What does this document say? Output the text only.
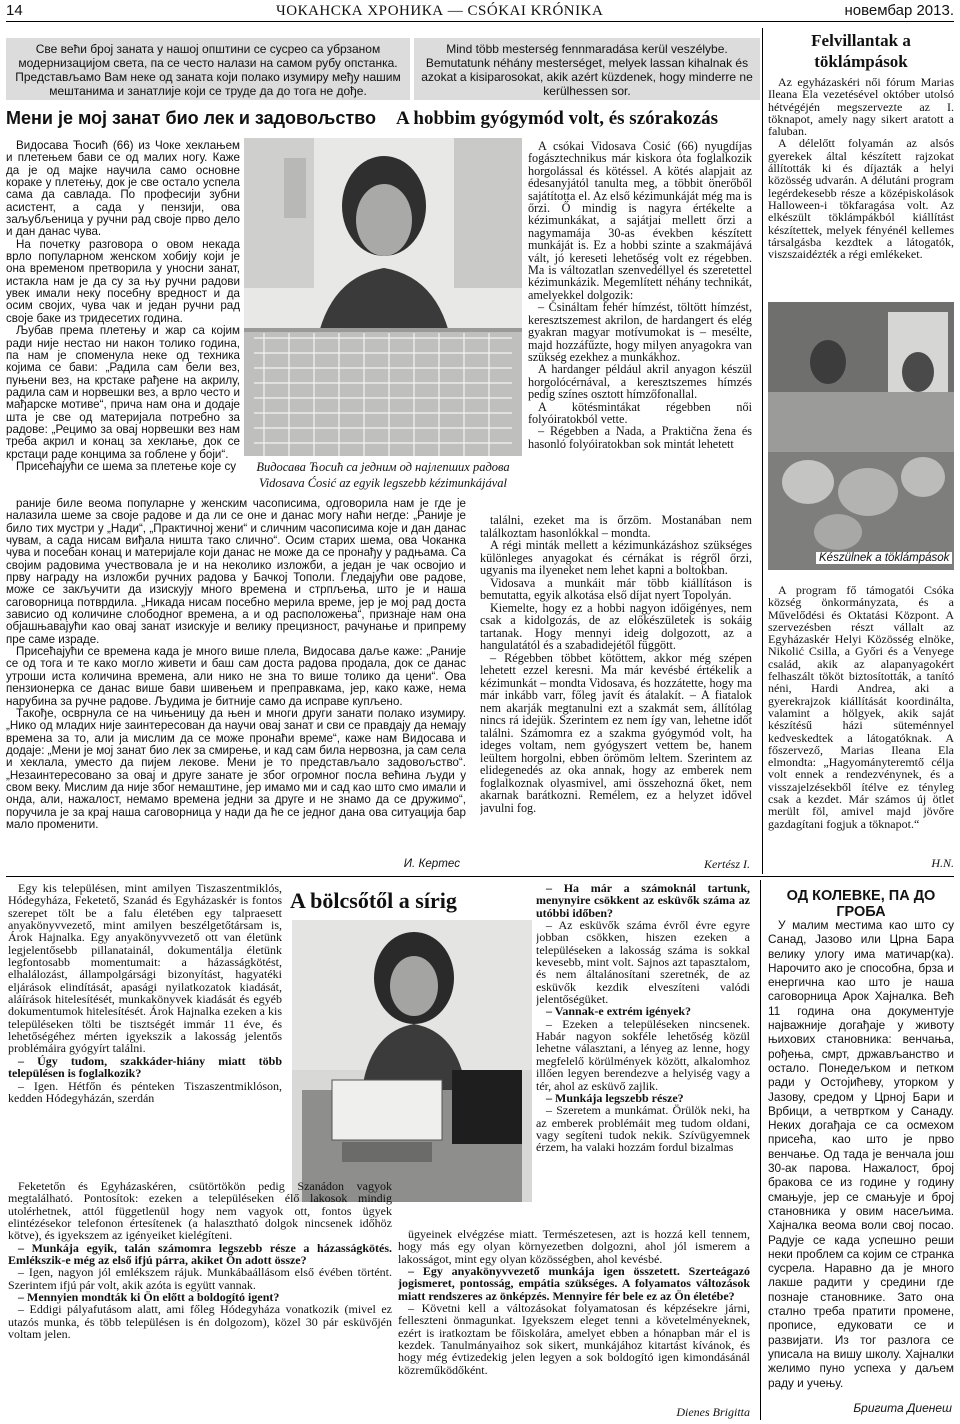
14	ЧОКАНСКА ХРОНИКА — CSÓKAI KRÓNIKA	новембар 2013.
Све већи број заната у нашој општини се сусрео са убрзаном модернизацијом света, па се често налази на самом рубу опстанка. Представљамо Вам неке од заната који полако изумиру међу нашим мештанима и занатлије који се труде да до тога не дође.
Mind több mesterség fennmaradása kerül veszélybe. Bemutatunk néhány mesterséget, melyek lassan kihalnak és azokat a kisiparosokat, akik azért küzdenek, hogy minderre ne kerülhessen sor.
Мени је мој занат био лек и задовољство A hobbim gyógymód volt, és szórakozás

Видосава Ћосић (66) из Чоке хеклањем и плетењем бави се од малих ногу. Каже да је од мајке научила само основне кораке у плетењу, док је све остало успела сама да савлада. По професији зубни асистент, а сада у пензији, ова заљубљеница у ручни рад своје прво дело и дан данас чува.

На почетку разговора о овом некада врло популарном женском хобију који је она временом претворила у уносни занат, истакла нам је да су за њу ручни радови увек имали неку посебну вредност и да осим својих, чува чак и један ручни рад своје баке из тридесетих година.

Љубав према плетењу и жар са којим ради није нестао ни након толико година, па нам је споменула неке од техника којима се бави: „Радила сам бели вез, пуњени вез, на крстаке рађене на акрилу, радила сам и норвешки вез, а врло често и мађарске мотиве“, прича нам она и додаје шта је све од материјала потребно за радове: „Рецимо за овај норвешки вез нам треба акрил и конац за хеклање, док се крстаци раде концима за гоблене у боји“.

Присећајући се шема за плетење које су

A csókai Vidosava Ćosić (66) nyugdíjas fogásztechnikus már kiskora óta foglalkozik horgolással és kötéssel. A kötés alapjait az édesanyjától tanulta meg, a többit önerőből sajátította el. Az első kézimunkáját még ma is őrzi. Ő mindig is nagyra értékelte a kézimunkákat, a sajátjai mellett őrzi a nagymamája 30-as években készített munkáját is. Ez a hobbi szinte a szakmájává vált, jó kereseti lehetőség volt ez régebben. Ma is változatlan szenvedéllyel és szeretettel kézimunkázik. Megemlített néhány technikát, amelyekkel dolgozik:

– Csináltam fehér hímzést, töltött hímzést, keresztszemest akrilon, de hardangert és elég gyakran magyar motívumokat is – mesélte, majd hozzáfűzte, hogy milyen anyagokra van szükség ezekhez a munkákhoz.

A hardanger például akril anyagon készül horgolócérnával, a keresztszemes hímzés pedig színes osztott hímzőfonallal.

A kötésmintákat régebben női folyóiratokból vette.

– Régebben a Nada, a Praktična žena és hasonló folyóiratokban sok mintát lehetett

Видосава Ћосић са једним од најлепших радова
Vidosava Ćosić az egyik legszebb kézimunkájával

раније биле веома популарне у женским часописима, одговорила нам је где је налазила шеме за своје радове и да ли се оне и данас могу наћи негде: „Раније је било тих мустри у „Нади“, „Практичној жени“ и сличним часописима које и дан данас чувам, а сада нисам виђала ништа тако слично“. Осим старих шема, ова Чоканка чува и посебан конац и материјале који данас не може да се пронађу у радњама. Са својим радовима учествовала је и на неколико изложби, а један је чак освојио и прву награду на изложби ручних радова у Бачкој Тополи. Гледајући ове радове, може се закључити да изискују много времена и стрпљења, што је и наша саговорница потврдила. „Никада нисам посебно мерила време, јер је мој рад доста зависио од количине слободног времена, а и од расположења“, признаје нам она објашњавајући као овај занат изискује и велику прецизност, рачунање и припрему пре саме израде.

Присећајући се времена када је много више плела, Видосава даље каже: „Раније се од тога и те како могло живети и баш сам доста радова продала, док се данас утроши иста количина времена, али нико не зна то више толико да цени“. Ова пензионерка се данас више бави шивењем и преправкама, јер, како каже, нема нарубина за ручне радове. Људима је битније само да исправе купљено.

Такође, осврнула се на чињеницу да њен и многи други занати полако изумиру. „Нико од младих није заинтересован да научи овај занат и сви се правдају да немају времена за то, али ја мислим да се може пронаћи време“, каже нам Видосава и додаје: „Мени је мој занат био лек за смирење, и кад сам била нервозна, ја сам села и хеклала, уместо да пијем лекове. Мени је то представљало задовољство“. „Незаинтересовано за овај и друге занате је због огромног посла већина људи у свом веку. Мислим да није због немаштине, јер имамо ми и сад као што смо имали и онда, али, нажалост, немамо времена једни за друге и не знамо да се дружимо“, поручила је за крај наша саговорница у нади да ће се једног дана ова ситуација бар мало променити.

И. Кертес

találni, ezeket ma is őrzöm. Mostanában nem találkoztam hasonlókkal – mondta.

A régi minták mellett a kézimunkázáshoz szükséges különleges anyagokat és cérnákat is régről őrzi, ugyanis ma ilyeneket nem lehet kapni a boltokban.

Vidosava a munkáit már több kiállításon is bemutatta, egyik alkotása első díjat nyert Topolyán.

Kiemelte, hogy ez a hobbi nagyon időigényes, nem csak a kidolgozás, de az előkészületek is sokáig tartanak. Hogy mennyi ideig dolgozott, az a hangulatától és a szabadidejétől függött.

– Régebben többet kötöttem, akkor még szépen lehetett ezzel keresni. Ma már kevésbé értékelik a kézimunkát – mondta Vidosava, és hozzátette, hogy ma már inkább varr, főleg javít és átalakít. – A fiatalok nem akarják megtanulni ezt a szakmát sem, állítólag nincs rá idejük. Szerintem ez nem így van, lehetne időt találni. Számomra ez a szakma gyógymód volt, ha ideges voltam, nem gyógyszert vettem be, hanem leültem horgolni, ebben örömöm leltem. Szerintem az elidegenedés az oka annak, hogy az emberek nem foglalkoznak olyasmivel, ami összehozná őket, nem akarnak barátkozni. Remélem, ez a helyzet idővel javulni fog.

Kertész I.
Felvillantak a töklámpások

Az egyházaskéri női fórum Marias Ileana Ela vezetésével október utolsó hétvégéjén megszervezte az I. töknapot, amely nagy sikert aratott a faluban.

A délelőtt folyamán az alsós gyerekek által készített rajzokat állították ki és díjazták a helyi közösség udvarán. A délutáni program legérdekesebb része a középiskolások Halloween-i tökfaragása volt. Az elkészült töklámpákból kiállítást készítettek, melyek fényénél kellemes társalgásba kezdtek a látogatók, viszszaidézték a régi emlékeket.

Készülnek a töklámpások

A program fő támogatói Csóka község önkormányzata, és a Művelődési és Oktatási Központ. A szervezésben részt vállalt az Egyházaskér Helyi Közösség elnöke, Nikolić Csilla, a Győri és a Venyege család, akik az alapanyagokért felhaszált tököt biztosították, a tanító néni, Hardi Andrea, aki a gyerekrajzok kiállítását koordinálta, valamint a hölgyek, akik saját készítésű házi süteménnyel kedveskedtek a látogatóknak. A főszervező, Marias Ileana Ela elmondta: „Hagyományteremtő célja volt ennek a rendezvénynek, és a visszajelzésekből ítélve ez tényleg csak a kezdet. Már számos új ötlet merült föl, amivel majd jövőre gazdagítani fogjuk a töknapot.“

H.N.

Egy kis településen, mint amilyen Tiszaszentmiklós, Hódegyháza, Feketető, Szanád és Egyházaskér is fontos szerepet tölt be a falu életében egy talpraesett anyakönyvvezető, mint amilyen beszélgetőtársam is, Árok Hajnalka. Egy anyakönyvvezető ott van életünk legjelentősebb pillanatainál, dokumentálja életünk legfontosabb momentumait: a házasságkötést, elhalálozást, állampolgársági bizonyítást, hagyatéki eljárások elindítását, apasági nyilatkozatok kiadását, aláírások hitelesítését, munkakönyvek kiadását és egyéb dokumentumok hitelesítését. Árok Hajnalka ezeken a kis településeken tölti be tisztségét immár 11 éve, és lehetőségéhez mérten igyekszik a lakosság jelentős problémáira gyógyírt találni.

– Úgy tudom, szakkáder-hiány miatt több településen is foglalkozik?

– Igen. Hétfőn és pénteken Tiszaszentmiklóson, kedden Hódegyházán, szerdán

A bölcsőtől a sírig	– Ha már a számoknál tartunk, menynyire csökkent az esküvők száma az utóbbi időben?

– Az esküvők száma évről évre egyre jobban csökken, hiszen ezeken a településeken a lakosság száma is sokkal kevesebb, mint volt. Sajnos azt tapasztalom, és nem általánosítani szeretnék, de az esküvők kezdik elveszíteni valódi jelentőségüket.

– Vannak-e extrém igények?

– Ezeken a településeken nincsenek. Habár nagyon sokféle lehetőség közül lehetne választani, a lényeg az lenne, hogy megfelelő körülmények között, alkalomhoz illően legyen berendezve a helyiség vagy a tér, ahol az esküvő zajlik.

– Munkája legszebb része?

– Szeretem a munkámat. Örülök neki, ha az emberek problémáit meg tudom oldani, vagy segíteni tudok nekik. Szívügyemnek érzem, ha valaki hozzám fordul bizalmas

Feketetőn és Egyházaskéren, csütörtökön pedig Szanádon vagyok megtalálható. Pontosítok: ezeken a településeken élő lakosok mindig utolérhetnek, attól függetlenül hogy nem vagyok ott, fontos ügyek elintézésekor telefonon értesítenek (a halasztható dolgok nincsenek időhöz kötve), és igyekszem az igényeiket kielégíteni.

– Munkája egyik, talán számomra legszebb része a házasságkötés. Emlékszik-e még az első ifjú párra, akiket Ön adott össze?

– Igen, nagyon jól emlékszem rájuk. Munkábaállásom első évében történt. Szerintem ifjú pár volt, akik azóta is együtt vannak.

– Mennyien mondták ki Ön előtt a boldogító igent?

– Eddigi pályafutásom alatt, ami főleg Hódegyháza vonatkozik (mivel ez utazós munka, és több településen is én dolgozom), közel 30 pár esküvőjén voltam jelen.

ügyeinek elvégzése miatt. Természetesen, azt is hozzá kell tennem, hogy más egy olyan környezetben dolgozni, ahol jól ismerem a lakosságot, mint egy olyan közösségben, ahol kevésbé.

– Egy anyakönyvvezető munkája igen összetett. Szerteágazó jogismeret, pontosság, empátia szükséges. A folyamatos változások miatt rendszeres az önképzés. Mennyire fér bele ez az Ön életébe?

– Követni kell a változásokat folyamatosan és képzésekre járni, felleszteni önmagunkat. Igyekszem eleget tenni a követelményeknek, ezért is iratkoztam be főiskolára, amelyet ebben a hónapban már el is kezdek. Tanulmányaihoz sok sikert, munkájához kitartást kívánok, és hogy még évtizedekig jelen legyen a sok boldogító igen kimondásánál közreműködőként.

Dienes Brigitta
ОД КОЛЕВКЕ, ПА ДО ГРОБА

У малим местима као што су Санад, Јазово или Црна Бара велику улогу има матичар(ка). Нарочито ако је способна, брза и енергична као што је наша саговорница Арок Хајналка. Већ 11 година она документује најважније догађаје у животу њихових становника: венчања, рођења, смрт, држављанство и остало. Понедељком и петком ради у Остојићеву, уторком у Јазову, средом у Црној Бари и Врбици, а четвртком у Санаду. Неких догађаја се са осмехом присећа, као што је прво венчање. Од тада је венчала још 30-ак парова. Нажалост, број бракова се из године у годину смањује, јер се смањује и број становника у овим насељима. Хајналка веома воли свој посао. Радује се када успешно реши неки проблем са којим се странка сусрела. Наравно да је много лакше радити у средини где познаје становнике. Зато она стално треба пратити промене, прописе, едуковати се и развијати. Из тог разлога се уписала на вишу школу. Хајналки желимо пуно успеха у даљем раду и учењу.

Бригита Диенеш
